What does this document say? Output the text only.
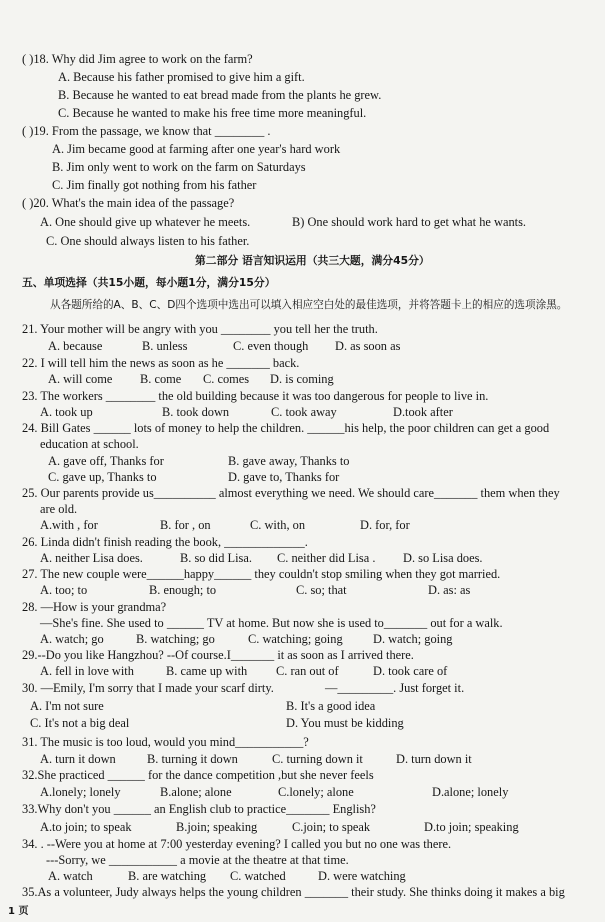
( )18. Why did Jim agree to work on the farm?
A. Because his father promised to give him a gift.
B. Because he wanted to eat bread made from the plants he grew.
C. Because he wanted to make his free time more meaningful.
( )19. From the passage, we know that ________ .
A. Jim became good at farming after one year's hard work
B. Jim only went to work on the farm on Saturdays
C. Jim finally got nothing from his father
( )20. What's the main idea of the passage?
A. One should give up whatever he meets.	B) One should work hard to get what he wants.
C. One should always listen to his father.
第二部分 语言知识运用（共三大题，满分45分）
五、单项选择（共15小题，每小题1分，满分15分）
从各题所给的A、B、C、D四个选项中选出可以填入相应空白处的最佳选项，并将答题卡上的相应的选项涂黑。
21. Your mother will be angry with you ________ you tell her the truth.
A. because	B. unless	C. even though D. as soon as
22. I will tell him the news as soon as he _______ back.
A. will come B. come C. comes D. is coming
23. The workers ________ the old building because it was too dangerous for people to live in.
A. took up	B. took down	C. took away	D.took after
24. Bill Gates ______ lots of money to help the children. ______his help, the poor children can get a good
education at school.
A. gave off, Thanks for	B. gave away, Thanks to
C. gave up, Thanks to	D. gave to, Thanks for
25. Our parents provide us__________ almost everything we need. We should care_______ them when they
are old.
A.with , for	B. for , on	C. with, on	D. for, for
26. Linda didn't finish reading the book, _____________.
A. neither Lisa does.	B. so did Lisa. C. neither did Lisa . D. so Lisa does.
27. The new couple were______happy______ they couldn't stop smiling when they got married.
A. too; to	B. enough; to	C. so; that	D. as: as
28. —How is your grandma?
—She's fine. She used to ______ TV at home. But now she is used to_______ out for a walk.
A. watch; go	B. watching; go	C. watching; going D. watch; going
29.--Do you like Hangzhou? --Of course.I_______ it as soon as I arrived there.
A. fell in love with	B. came up with C. ran out of	D. took care of
30. —Emily, I'm sorry that I made your scarf dirty.	—_________. Just forget it.
A. I'm not sure	B. It's a good idea
C. It's not a big deal	D. You must be kidding
31. The music is too loud, would you mind___________?
A. turn it down	B. turning it down	C. turning down it	D. turn down it
32.She practiced ______ for the dance competition ,but she never feels
A.lonely; lonely	B.alone; alone	C.lonely; alone	D.alone; lonely
33.Why don't you ______ an English club to practice_______ English?
A.to join; to speak	B.join; speaking	C.join; to speak	D.to join; speaking
34. . --Were you at home at 7:00 yesterday evening? I called you but no one was there.
---Sorry, we ___________ a movie at the theatre at that time.
A. watch	B. are watching C. watched	D. were watching
35.As a volunteer, Judy always helps the young children _______ their study. She thinks doing it makes a big
1 页
